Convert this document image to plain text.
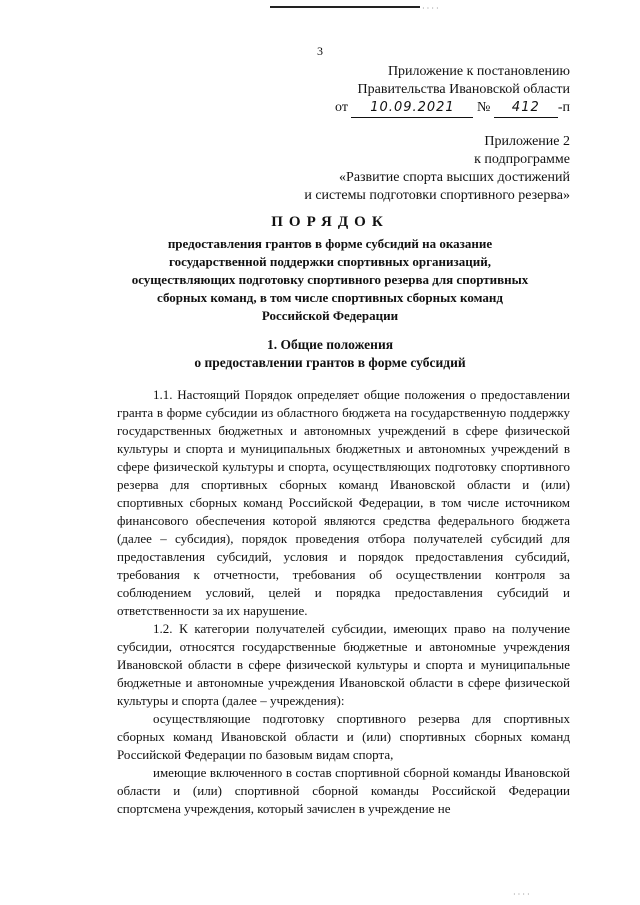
· · · ·
3
Приложение к постановлению
Правительства Ивановской области
от 10.09.2021 № 412 -п
Приложение 2
к подпрограмме
«Развитие спорта высших достижений
и системы подготовки спортивного резерва»
ПОРЯДОК
предоставления грантов в форме субсидий на оказание
государственной поддержки спортивных организаций,
осуществляющих подготовку спортивного резерва для спортивных
сборных команд, в том числе спортивных сборных команд
Российской Федерации
1. Общие положения
о предоставлении грантов в форме субсидий

1.1. Настоящий Порядок определяет общие положения о предоставлении гранта в форме субсидии из областного бюджета на государственную поддержку государственных бюджетных и автономных учреждений в сфере физической культуры и спорта и муниципальных бюджетных и автономных учреждений в сфере физической культуры и спорта, осуществляющих подготовку спортивного резерва для спортивных сборных команд Ивановской области и (или) спортивных сборных команд Российской Федерации, в том числе источником финансового обеспечения которой являются средства федерального бюджета (далее – субсидия), порядок проведения отбора получателей субсидий для предоставления субсидий, условия и порядок предоставления субсидий, требования к отчетности, требования об осуществлении контроля за соблюдением условий, целей и порядка предоставления субсидий и ответственности за их нарушение.

1.2. К категории получателей субсидии, имеющих право на получение субсидии, относятся государственные бюджетные и автономные учреждения Ивановской области в сфере физической культуры и спорта и муниципальные бюджетные и автономные учреждения Ивановской области в сфере физической культуры и спорта (далее – учреждения):

осуществляющие подготовку спортивного резерва для спортивных сборных команд Ивановской области и (или) спортивных сборных команд Российской Федерации по базовым видам спорта,

имеющие включенного в состав спортивной сборной команды Ивановской области и (или) спортивной сборной команды Российской Федерации спортсмена учреждения, который зачислен в учреждение не

· · · ·
